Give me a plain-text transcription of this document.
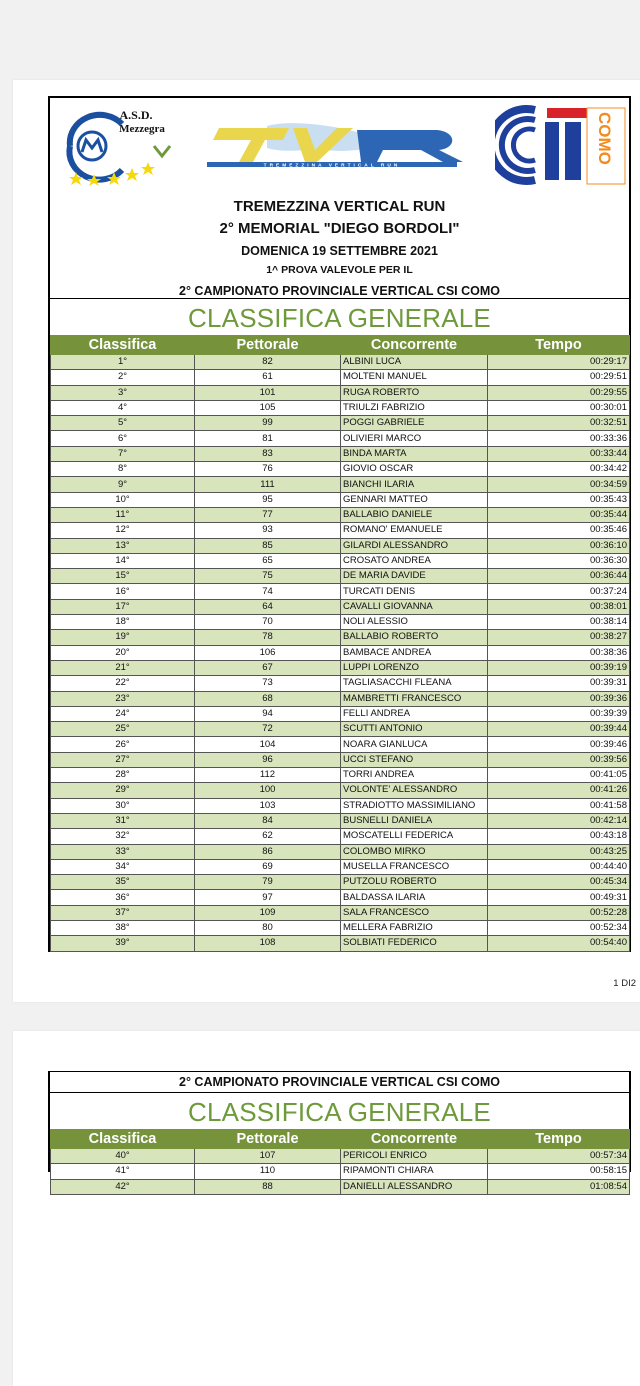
A.S.D.
Mezzegra
TREMEZZINA VERTICAL RUN
COMO
TREMEZZINA VERTICAL RUN
2° MEMORIAL "DIEGO BORDOLI"
DOMENICA 19 SETTEMBRE 2021
1^ PROVA VALEVOLE PER IL
2° CAMPIONATO PROVINCIALE VERTICAL CSI COMO
CLASSIFICA GENERALE
Classifica	Pettorale	Concorrente	Tempo
1°	82	ALBINI LUCA	00:29:17
2°	61	MOLTENI MANUEL	00:29:51
3°	101	RUGA ROBERTO	00:29:55
4°	105	TRIULZI FABRIZIO	00:30:01
5°	99	POGGI GABRIELE	00:32:51
6°	81	OLIVIERI MARCO	00:33:36
7°	83	BINDA MARTA	00:33:44
8°	76	GIOVIO OSCAR	00:34:42
9°	111	BIANCHI ILARIA	00:34:59
10°	95	GENNARI MATTEO	00:35:43
11°	77	BALLABIO DANIELE	00:35:44
12°	93	ROMANO' EMANUELE	00:35:46
13°	85	GILARDI ALESSANDRO	00:36:10
14°	65	CROSATO ANDREA	00:36:30
15°	75	DE MARIA DAVIDE	00:36:44
16°	74	TURCATI DENIS	00:37:24
17°	64	CAVALLI GIOVANNA	00:38:01
18°	70	NOLI ALESSIO	00:38:14
19°	78	BALLABIO ROBERTO	00:38:27
20°	106	BAMBACE ANDREA	00:38:36
21°	67	LUPPI LORENZO	00:39:19
22°	73	TAGLIASACCHI FLEANA	00:39:31
23°	68	MAMBRETTI FRANCESCO	00:39:36
24°	94	FELLI ANDREA	00:39:39
25°	72	SCUTTI ANTONIO	00:39:44
26°	104	NOARA GIANLUCA	00:39:46
27°	96	UCCI STEFANO	00:39:56
28°	112	TORRI ANDREA	00:41:05
29°	100	VOLONTE' ALESSANDRO	00:41:26
30°	103	STRADIOTTO MASSIMILIANO	00:41:58
31°	84	BUSNELLI DANIELA	00:42:14
32°	62	MOSCATELLI FEDERICA	00:43:18
33°	86	COLOMBO MIRKO	00:43:25
34°	69	MUSELLA FRANCESCO	00:44:40
35°	79	PUTZOLU ROBERTO	00:45:34
36°	97	BALDASSA ILARIA	00:49:31
37°	109	SALA FRANCESCO	00:52:28
38°	80	MELLERA FABRIZIO	00:52:34
39°	108	SOLBIATI FEDERICO	00:54:40
1 DI2
2° CAMPIONATO PROVINCIALE VERTICAL CSI COMO
CLASSIFICA GENERALE
Classifica	Pettorale	Concorrente	Tempo
40°	107	PERICOLI ENRICO	00:57:34
41°	110	RIPAMONTI CHIARA	00:58:15
42°	88	DANIELLI ALESSANDRO	01:08:54
